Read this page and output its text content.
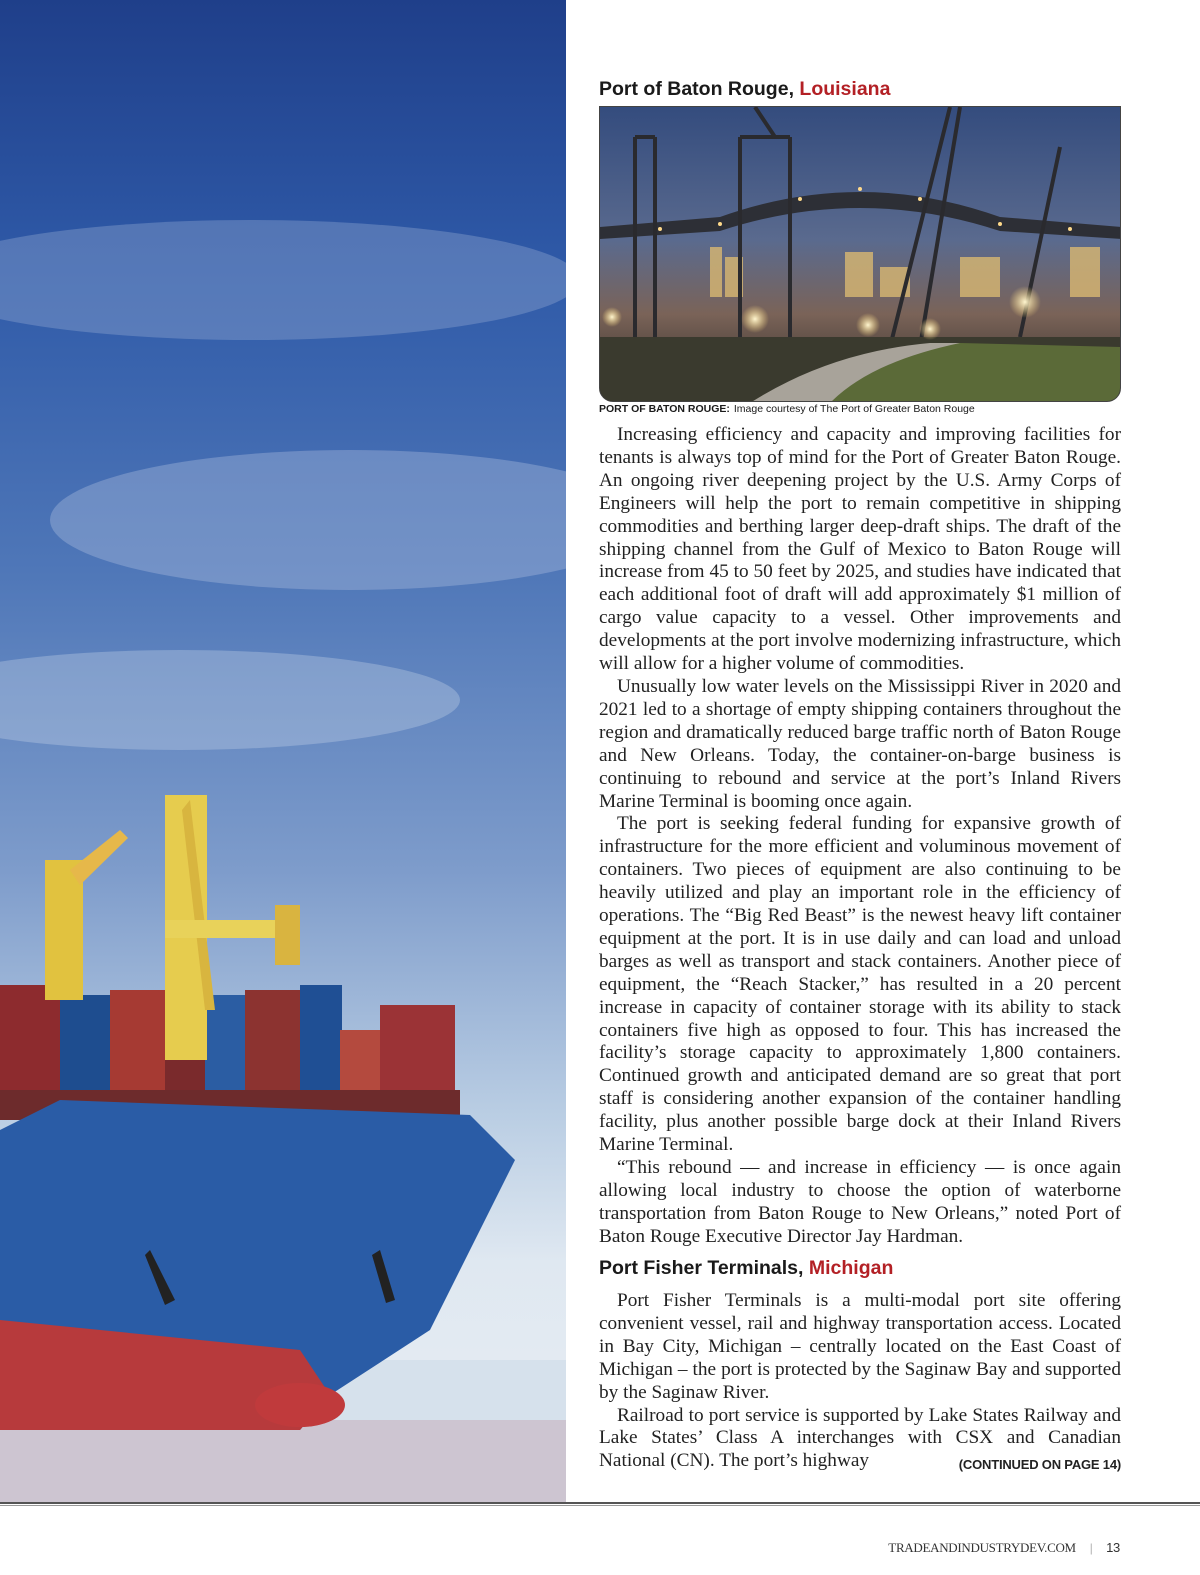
Port of Baton Rouge, Louisiana
PORT OF BATON ROUGE: Image courtesy of The Port of Greater Baton Rouge

Increasing efficiency and capacity and improving facilities for tenants is always top of mind for the Port of Greater Baton Rouge. An ongoing river deepening project by the U.S. Army Corps of Engineers will help the port to remain competitive in shipping commodities and berthing larger deep-draft ships. The draft of the shipping channel from the Gulf of Mexico to Baton Rouge will increase from 45 to 50 feet by 2025, and studies have indicated that each additional foot of draft will add approximately $1 million of cargo value capacity to a vessel. Other improvements and developments at the port involve modernizing infrastructure, which will allow for a higher volume of commodities.

Unusually low water levels on the Mississippi River in 2020 and 2021 led to a shortage of empty shipping containers throughout the region and dramatically reduced barge traffic north of Baton Rouge and New Orleans. Today, the container-on-barge business is continuing to rebound and service at the port’s Inland Rivers Marine Terminal is booming once again.

The port is seeking federal funding for expansive growth of infrastructure for the more efficient and voluminous movement of containers. Two pieces of equipment are also continuing to be heavily utilized and play an important role in the efficiency of operations. The “Big Red Beast” is the newest heavy lift container equipment at the port. It is in use daily and can load and unload barges as well as transport and stack containers. Another piece of equipment, the “Reach Stacker,” has resulted in a 20 percent increase in capacity of container storage with its ability to stack containers five high as opposed to four. This has increased the facility’s storage capacity to approximately 1,800 containers. Continued growth and anticipated demand are so great that port staff is considering another expansion of the container handling facility, plus another possible barge dock at their Inland Rivers Marine Terminal.

“This rebound — and increase in efficiency — is once again allowing local industry to choose the option of waterborne transportation from Baton Rouge to New Orleans,” noted Port of Baton Rouge Executive Director Jay Hardman.

Port Fisher Terminals, Michigan

Port Fisher Terminals is a multi-modal port site offering convenient vessel, rail and highway transportation access. Located in Bay City, Michigan – centrally located on the East Coast of Michigan – the port is protected by the Saginaw Bay and supported by the Saginaw River.

Railroad to port service is supported by Lake States Railway and Lake States’ Class A interchanges with CSX and Canadian National (CN). The port’s highway	(CONTINUED ON PAGE 14)

TRADEANDINDUSTRYDEV.COM | 13
